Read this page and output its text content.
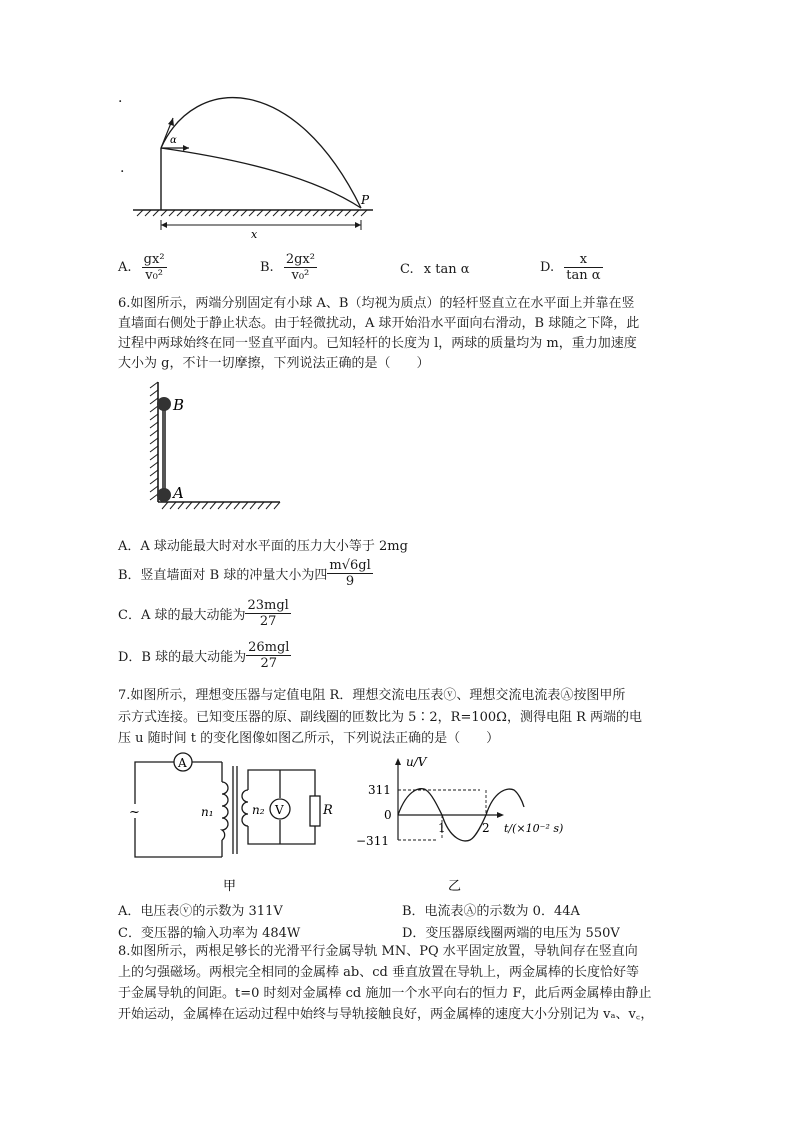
·
.
α
P
x
A. $\frac{\text{gx²}}{\text{v₀²}}$	B. $\frac{\text{2gx²}}{\text{v₀²}}$	C. x tan α	D. $\frac{x}{\text{tan α}}$
6.如图所示，两端分别固定有小球 A、B（均视为质点）的轻杆竖直立在水平面上并靠在竖
直墙面右侧处于静止状态。由于轻微扰动，A 球开始沿水平面向右滑动，B 球随之下降，此
过程中两球始终在同一竖直平面内。已知轻杆的长度为 l，两球的质量均为 m，重力加速度
大小为 g，不计一切摩擦，下列说法正确的是（　　）
B
A
A．A 球动能最大时对水平面的压力大小等于 2mg
B．竖直墙面对 B 球的冲量大小为四 $\frac{m√6gl}{9}$
C．A 球的最大动能为 $\frac{\text{23mgl}}{27}$
D．B 球的最大动能为 $\frac{\text{26mgl}}{27}$
7.如图所示，理想变压器与定值电阻 R．理想交流电压表ⓥ、理想交流电流表Ⓐ按图甲所
示方式连接。已知变压器的原、副线圈的匝数比为 5∶2，R=100Ω，测得电阻 R 两端的电
压 u 随时间 t 的变化图像如图乙所示，下列说法正确的是（　　）
A
V
~	n₁	n₂	R
甲
u/V
311
0
−311
1	2 t/(×10⁻² s)
乙
A．电压表ⓥ的示数为 311V	B．电流表Ⓐ的示数为 0．44A
C．变压器的输入功率为 484W	D．变压器原线圈两端的电压为 550V
8.如图所示，两根足够长的光滑平行金属导轨 MN、PQ 水平固定放置，导轨间存在竖直向
上的匀强磁场。两根完全相同的金属棒 ab、cd 垂直放置在导轨上，两金属棒的长度恰好等
于金属导轨的间距。t=0 时刻对金属棒 cd 施加一个水平向右的恒力 F，此后两金属棒由静止
开始运动，金属棒在运动过程中始终与导轨接触良好，两金属棒的速度大小分别记为 vₐ、v꜀，
